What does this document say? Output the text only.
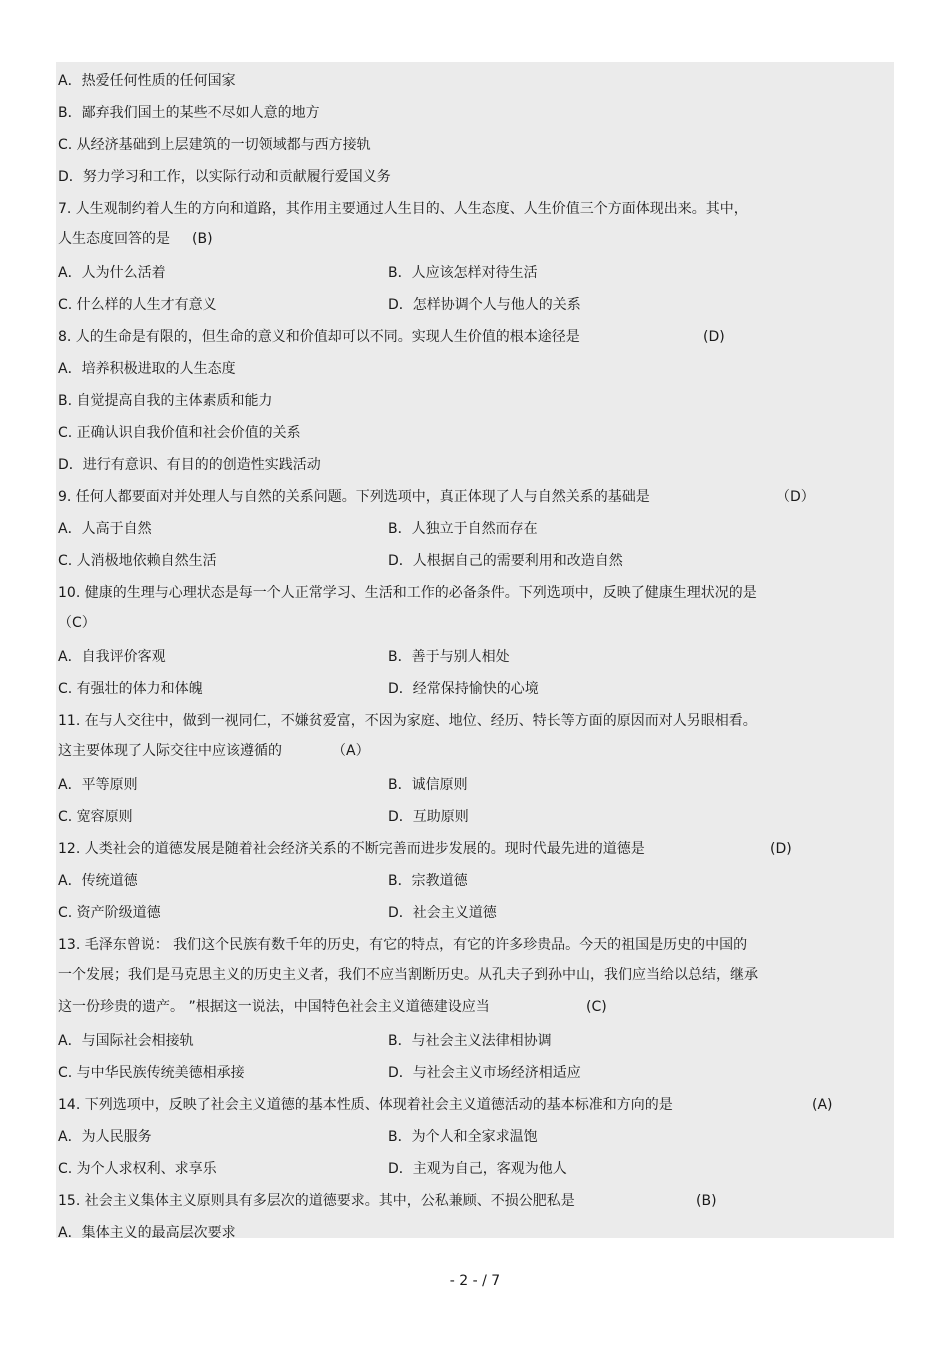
A．热爱任何性质的任何国家
B．鄙弃我们国土的某些不尽如人意的地方
C. 从经济基础到上层建筑的一切领域都与西方接轨
D．努力学习和工作，以实际行动和贡献履行爱国义务
7. 人生观制约着人生的方向和道路，其作用主要通过人生目的、人生态度、人生价值三个方面体现出来。其中，
人生态度回答的是 (B)
A．人为什么活着	B．人应该怎样对待生活
C. 什么样的人生才有意义	D．怎样协调个人与他人的关系
8. 人的生命是有限的，但生命的意义和价值却可以不同。实现人生价值的根本途径是	(D)
A．培养积极进取的人生态度
B. 自觉提高自我的主体素质和能力
C. 正确认识自我价值和社会价值的关系
D．进行有意识、有目的的创造性实践活动
9. 任何人都要面对并处理人与自然的关系问题。下列选项中，真正体现了人与自然关系的基础是	（D）
A．人高于自然	B．人独立于自然而存在
C. 人消极地依赖自然生活	D．人根据自己的需要利用和改造自然
10. 健康的生理与心理状态是每一个人正常学习、生活和工作的必备条件。下列选项中，反映了健康生理状况的是
（C）
A．自我评价客观	B．善于与别人相处
C. 有强壮的体力和体魄	D．经常保持愉快的心境
11. 在与人交往中，做到一视同仁，不嫌贫爱富，不因为家庭、地位、经历、特长等方面的原因而对人另眼相看。
这主要体现了人际交往中应该遵循的	（A）
A．平等原则	B．诚信原则
C. 宽容原则	D．互助原则
12. 人类社会的道德发展是随着社会经济关系的不断完善而进步发展的。现时代最先进的道德是	(D)
A．传统道德	B．宗教道德
C. 资产阶级道德	D．社会主义道德
13. 毛泽东曾说： 我们这个民族有数千年的历史，有它的特点，有它的许多珍贵品。今天的祖国是历史的中国的
一个发展；我们是马克思主义的历史主义者，我们不应当割断历史。从孔夫子到孙中山，我们应当给以总结，继承
这一份珍贵的遗产。 ”根据这一说法，中国特色社会主义道德建设应当	(C)
A．与国际社会相接轨	B．与社会主义法律相协调
C. 与中华民族传统美德相承接	D．与社会主义市场经济相适应
14. 下列选项中，反映了社会主义道德的基本性质、体现着社会主义道德活动的基本标准和方向的是	(A)
A．为人民服务	B．为个人和全家求温饱
C. 为个人求权利、求享乐	D．主观为自己，客观为他人
15. 社会主义集体主义原则具有多层次的道德要求。其中，公私兼顾、不损公肥私是	(B)
A．集体主义的最高层次要求
- 2 - / 7
